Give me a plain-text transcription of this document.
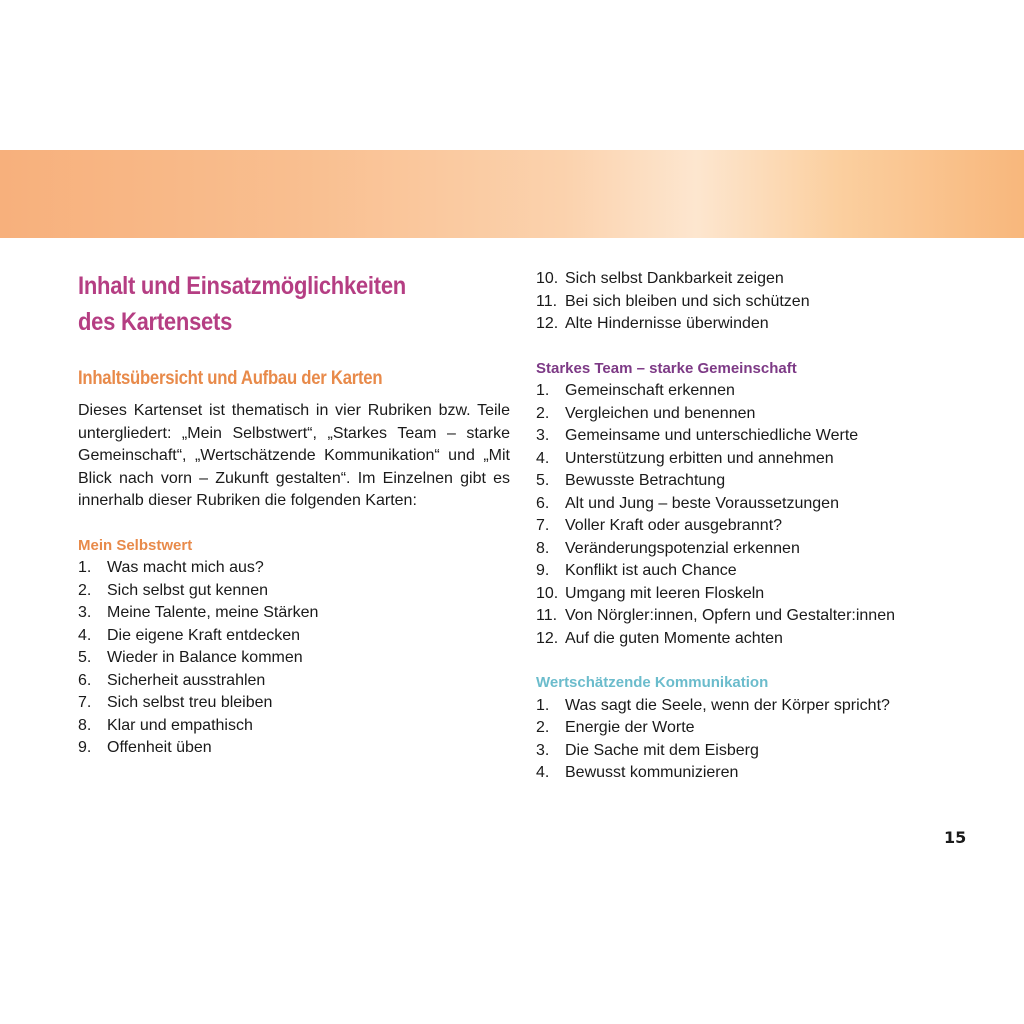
Inhalt und Einsatzmöglichkeiten
des Kartensets
Inhaltsübersicht und Aufbau der Karten

Dieses Kartenset ist thematisch in vier Rubriken bzw. Teile untergliedert: „Mein Selbstwert“, „Starkes Team – starke Gemeinschaft“, „Wertschätzende Kommunikation“ und „Mit Blick nach vorn – Zukunft gestalten“. Im Einzelnen gibt es innerhalb dieser Rubriken die folgenden Karten:

Mein Selbstwert
1. Was macht mich aus?
2. Sich selbst gut kennen
3. Meine Talente, meine Stärken
4. Die eigene Kraft entdecken
5. Wieder in Balance kommen
6. Sicherheit ausstrahlen
7. Sich selbst treu bleiben
8. Klar und empathisch
9. Offenheit üben
10. Sich selbst Dankbarkeit zeigen
11. Bei sich bleiben und sich schützen
12. Alte Hindernisse überwinden
Starkes Team – starke Gemeinschaft
1. Gemeinschaft erkennen
2. Vergleichen und benennen
3. Gemeinsame und unterschiedliche Werte
4. Unterstützung erbitten und annehmen
5. Bewusste Betrachtung
6. Alt und Jung – beste Voraussetzungen
7. Voller Kraft oder ausgebrannt?
8. Veränderungspotenzial erkennen
9. Konflikt ist auch Chance
10. Umgang mit leeren Floskeln
11. Von Nörgler:innen, Opfern und Gestalter:innen
12. Auf die guten Momente achten
Wertschätzende Kommunikation
1. Was sagt die Seele, wenn der Körper spricht?
2. Energie der Worte
3. Die Sache mit dem Eisberg
4. Bewusst kommunizieren
15
